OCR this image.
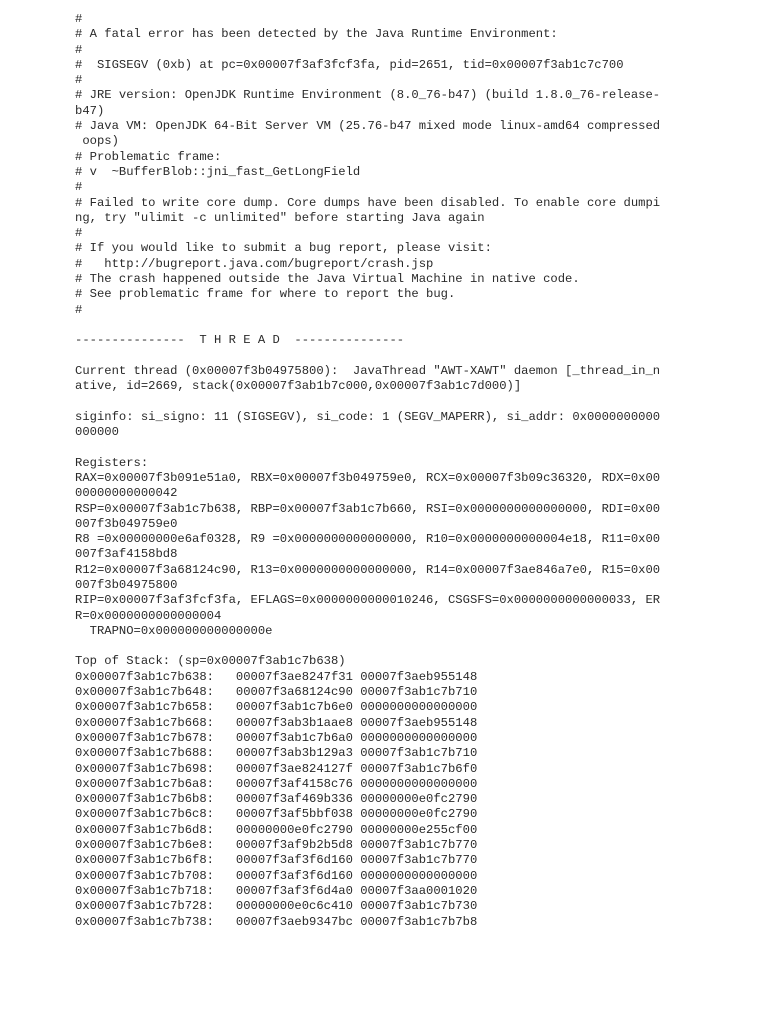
#
# A fatal error has been detected by the Java Runtime Environment:
#
#  SIGSEGV (0xb) at pc=0x00007f3af3fcf3fa, pid=2651, tid=0x00007f3ab1c7c700
#
# JRE version: OpenJDK Runtime Environment (8.0_76-b47) (build 1.8.0_76-release-
b47)
# Java VM: OpenJDK 64-Bit Server VM (25.76-b47 mixed mode linux-amd64 compressed
oops)
# Problematic frame:
# v  ~BufferBlob::jni_fast_GetLongField
#
# Failed to write core dump. Core dumps have been disabled. To enable core dumpi
ng, try "ulimit -c unlimited" before starting Java again
#
# If you would like to submit a bug report, please visit:
#   http://bugreport.java.com/bugreport/crash.jsp
# The crash happened outside the Java Virtual Machine in native code.
# See problematic frame for where to report the bug.
#
---------------  T H R E A D  ---------------
Current thread (0x00007f3b04975800):  JavaThread "AWT-XAWT" daemon [_thread_in_n
ative, id=2669, stack(0x00007f3ab1b7c000,0x00007f3ab1c7d000)]
siginfo: si_signo: 11 (SIGSEGV), si_code: 1 (SEGV_MAPERR), si_addr: 0x0000000000
000000
Registers:
RAX=0x00007f3b091e51a0, RBX=0x00007f3b049759e0, RCX=0x00007f3b09c36320, RDX=0x00
00000000000042
RSP=0x00007f3ab1c7b638, RBP=0x00007f3ab1c7b660, RSI=0x0000000000000000, RDI=0x00
007f3b049759e0
R8 =0x00000000e6af0328, R9 =0x0000000000000000, R10=0x0000000000004e18, R11=0x00
007f3af4158bd8
R12=0x00007f3a68124c90, R13=0x0000000000000000, R14=0x00007f3ae846a7e0, R15=0x00
007f3b04975800
RIP=0x00007f3af3fcf3fa, EFLAGS=0x0000000000010246, CSGSFS=0x0000000000000033, ER
R=0x0000000000000004
TRAPNO=0x000000000000000e
Top of Stack: (sp=0x00007f3ab1c7b638)
0x00007f3ab1c7b638:   00007f3ae8247f31 00007f3aeb955148
0x00007f3ab1c7b648:   00007f3a68124c90 00007f3ab1c7b710
0x00007f3ab1c7b658:   00007f3ab1c7b6e0 0000000000000000
0x00007f3ab1c7b668:   00007f3ab3b1aae8 00007f3aeb955148
0x00007f3ab1c7b678:   00007f3ab1c7b6a0 0000000000000000
0x00007f3ab1c7b688:   00007f3ab3b129a3 00007f3ab1c7b710
0x00007f3ab1c7b698:   00007f3ae824127f 00007f3ab1c7b6f0
0x00007f3ab1c7b6a8:   00007f3af4158c76 0000000000000000
0x00007f3ab1c7b6b8:   00007f3af469b336 00000000e0fc2790
0x00007f3ab1c7b6c8:   00007f3af5bbf038 00000000e0fc2790
0x00007f3ab1c7b6d8:   00000000e0fc2790 00000000e255cf00
0x00007f3ab1c7b6e8:   00007f3af9b2b5d8 00007f3ab1c7b770
0x00007f3ab1c7b6f8:   00007f3af3f6d160 00007f3ab1c7b770
0x00007f3ab1c7b708:   00007f3af3f6d160 0000000000000000
0x00007f3ab1c7b718:   00007f3af3f6d4a0 00007f3aa0001020
0x00007f3ab1c7b728:   00000000e0c6c410 00007f3ab1c7b730
0x00007f3ab1c7b738:   00007f3aeb9347bc 00007f3ab1c7b7b8
